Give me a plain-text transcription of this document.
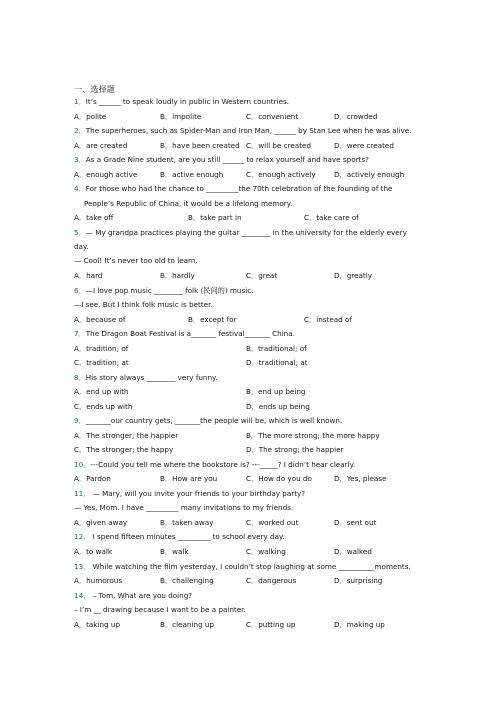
一、选择题
1．It’s ______ to speak loudly in public in Western countries.
A．polite	B．impolite	C．convenient	D．crowded
2．The superheroes, such as Spider-Man and Iron Man, ______ by Stan Lee when he was alive.
A．are created	B．have been created C．will be created	D．were created
3．As a Grade Nine student, are you still ______ to relax yourself and have sports?
A．enough active	B．active enough	C．enough actively	D．actively enough
4．For those who had the chance to _________the 70th celebration of the founding of the
People’s Republic of China, it would be a lifelong memory.
A．take off	B．take part in	C．take care of
5．— My grandpa practices playing the guitar ________ in the university for the elderly every
day.
— Cool! It’s never too old to learn.
A．hard	B．hardly	C．great	D．greatly
6．—I love pop music ________ folk (民间的) music.
—I see. But I think folk music is better.
A．because of	B．except for	C．instead of
7．The Dragon Boat Festival is a_______ festival_______ China.
A．tradition; of	B．traditional; of
C．tradition; at	D．traditional; at
8．His story always ________ very funny.
A．end up with	B．end up being
C．ends up with	D．ends up being
9．_______our country gets, _______the people will be, which is well known.
A．The stronger; the happier	B．The more strong; the more happy
C．The stronger; the happy	D．The strong; the happier
10．---Could you tell me where the bookstore is? ---_____? I didn’t hear clearly.
A．Pardon	B．How are you	C．How do you do	D．Yes, please
11． — Mary, will you invite your friends to your birthday party?
— Yes, Mom. I have _________ many invitations to my friends.
A．given away	B．taken away	C．worked out	D．sent out
12． I spend fifteen minutes _________ to school every day.
A．to walk	B．walk	C．walking	D．walked
13． While watching the film yesterday, I couldn’t stop laughing at some __________moments.
A．humorous	B．challenging	C．dangerous	D．surprising
14． – Tom, What are you doing?
– I’m __ drawing because I want to be a painter.
A．taking up	B．cleaning up	C．putting up	D．making up
